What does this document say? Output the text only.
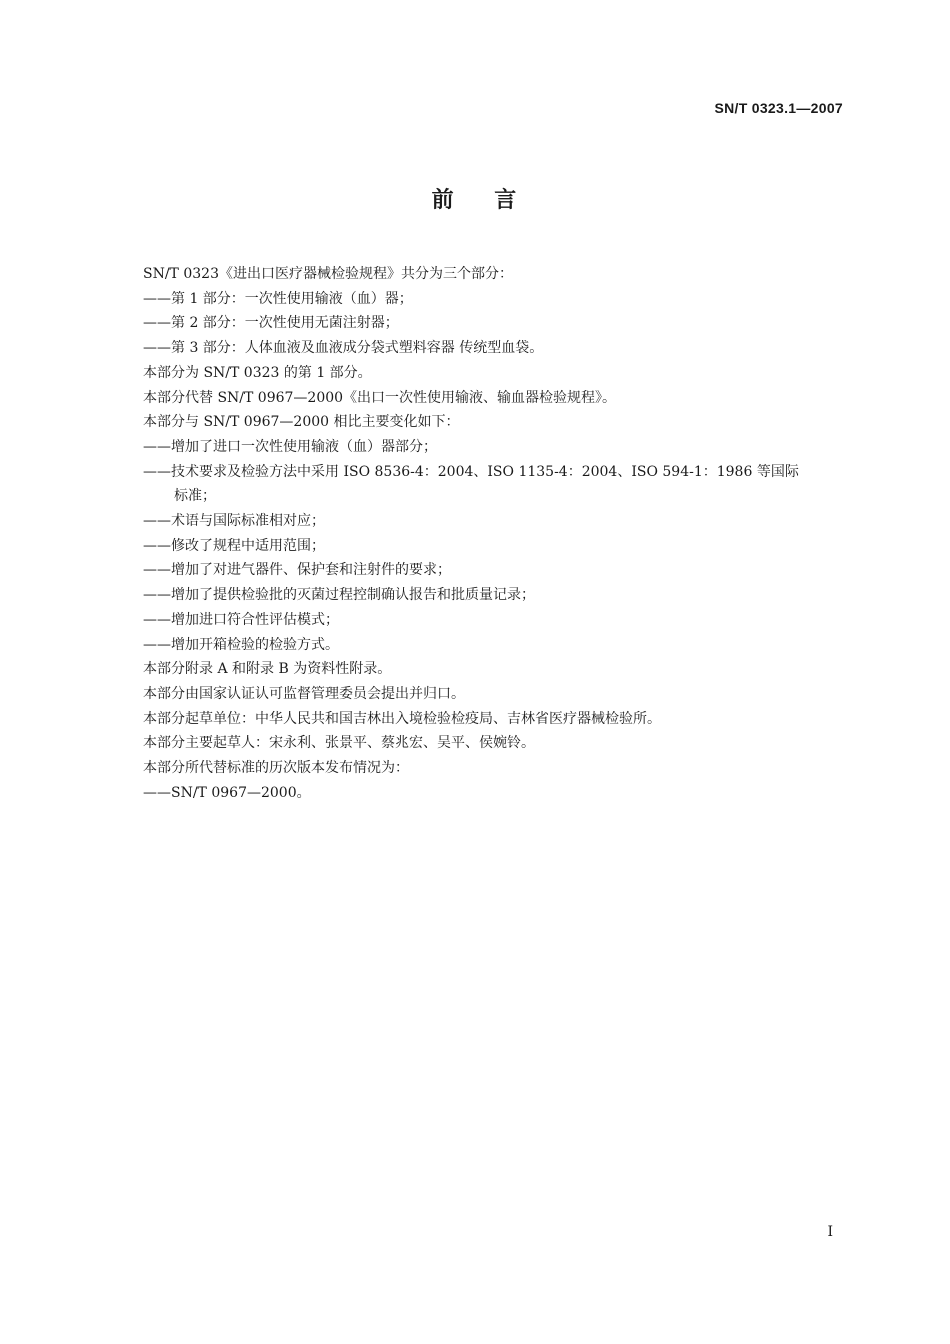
SN/T 0323.1—2007
前    言
SN/T 0323《进出口医疗器械检验规程》共分为三个部分：
——第 1 部分：一次性使用输液（血）器；
——第 2 部分：一次性使用无菌注射器；
——第 3 部分：人体血液及血液成分袋式塑料容器 传统型血袋。
本部分为 SN/T 0323 的第 1 部分。
本部分代替 SN/T 0967—2000《出口一次性使用输液、输血器检验规程》。
本部分与 SN/T 0967—2000 相比主要变化如下：
——增加了进口一次性使用输液（血）器部分；
——技术要求及检验方法中采用 ISO 8536-4：2004、ISO 1135-4：2004、ISO 594-1：1986 等国际
标准；
——术语与国际标准相对应；
——修改了规程中适用范围；
——增加了对进气器件、保护套和注射件的要求；
——增加了提供检验批的灭菌过程控制确认报告和批质量记录；
——增加进口符合性评估模式；
——增加开箱检验的检验方式。
本部分附录 A 和附录 B 为资料性附录。
本部分由国家认证认可监督管理委员会提出并归口。
本部分起草单位：中华人民共和国吉林出入境检验检疫局、吉林省医疗器械检验所。
本部分主要起草人：宋永利、张景平、蔡兆宏、吴平、侯婉铃。
本部分所代替标准的历次版本发布情况为：
——SN/T 0967—2000。
I
